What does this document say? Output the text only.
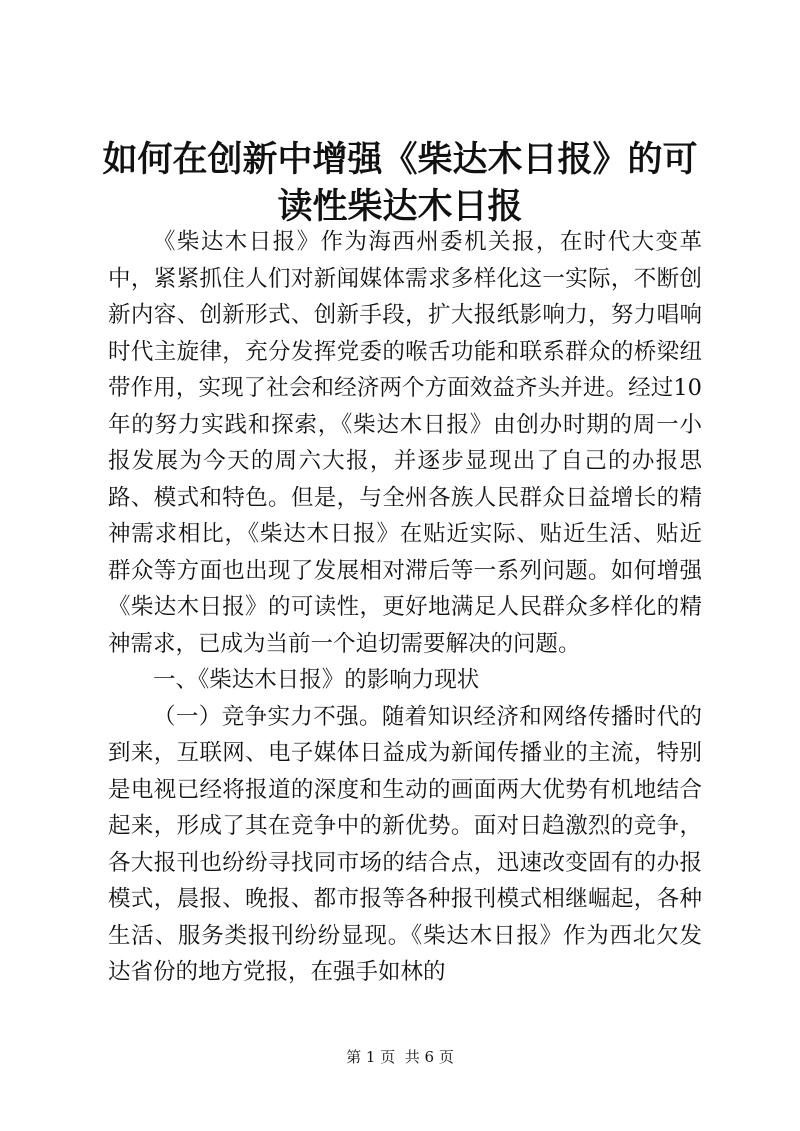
如何在创新中增强《柴达木日报》的可读性柴达木日报

《柴达木日报》作为海西州委机关报，在时代大变革中，紧紧抓住人们对新闻媒体需求多样化这一实际，不断创新内容、创新形式、创新手段，扩大报纸影响力，努力唱响时代主旋律，充分发挥党委的喉舌功能和联系群众的桥梁纽带作用，实现了社会和经济两个方面效益齐头并进。经过10年的努力实践和探索，《柴达木日报》由创办时期的周一小报发展为今天的周六大报，并逐步显现出了自己的办报思路、模式和特色。但是，与全州各族人民群众日益增长的精神需求相比，《柴达木日报》在贴近实际、贴近生活、贴近群众等方面也出现了发展相对滞后等一系列问题。如何增强《柴达木日报》的可读性，更好地满足人民群众多样化的精神需求，已成为当前一个迫切需要解决的问题。

一、《柴达木日报》的影响力现状

（一）竞争实力不强。随着知识经济和网络传播时代的到来，互联网、电子媒体日益成为新闻传播业的主流，特别是电视已经将报道的深度和生动的画面两大优势有机地结合起来，形成了其在竞争中的新优势。面对日趋激烈的竞争，各大报刊也纷纷寻找同市场的结合点，迅速改变固有的办报模式，晨报、晚报、都市报等各种报刊模式相继崛起，各种生活、服务类报刊纷纷显现。《柴达木日报》作为西北欠发达省份的地方党报，在强手如林的

第 1 页  共 6 页
